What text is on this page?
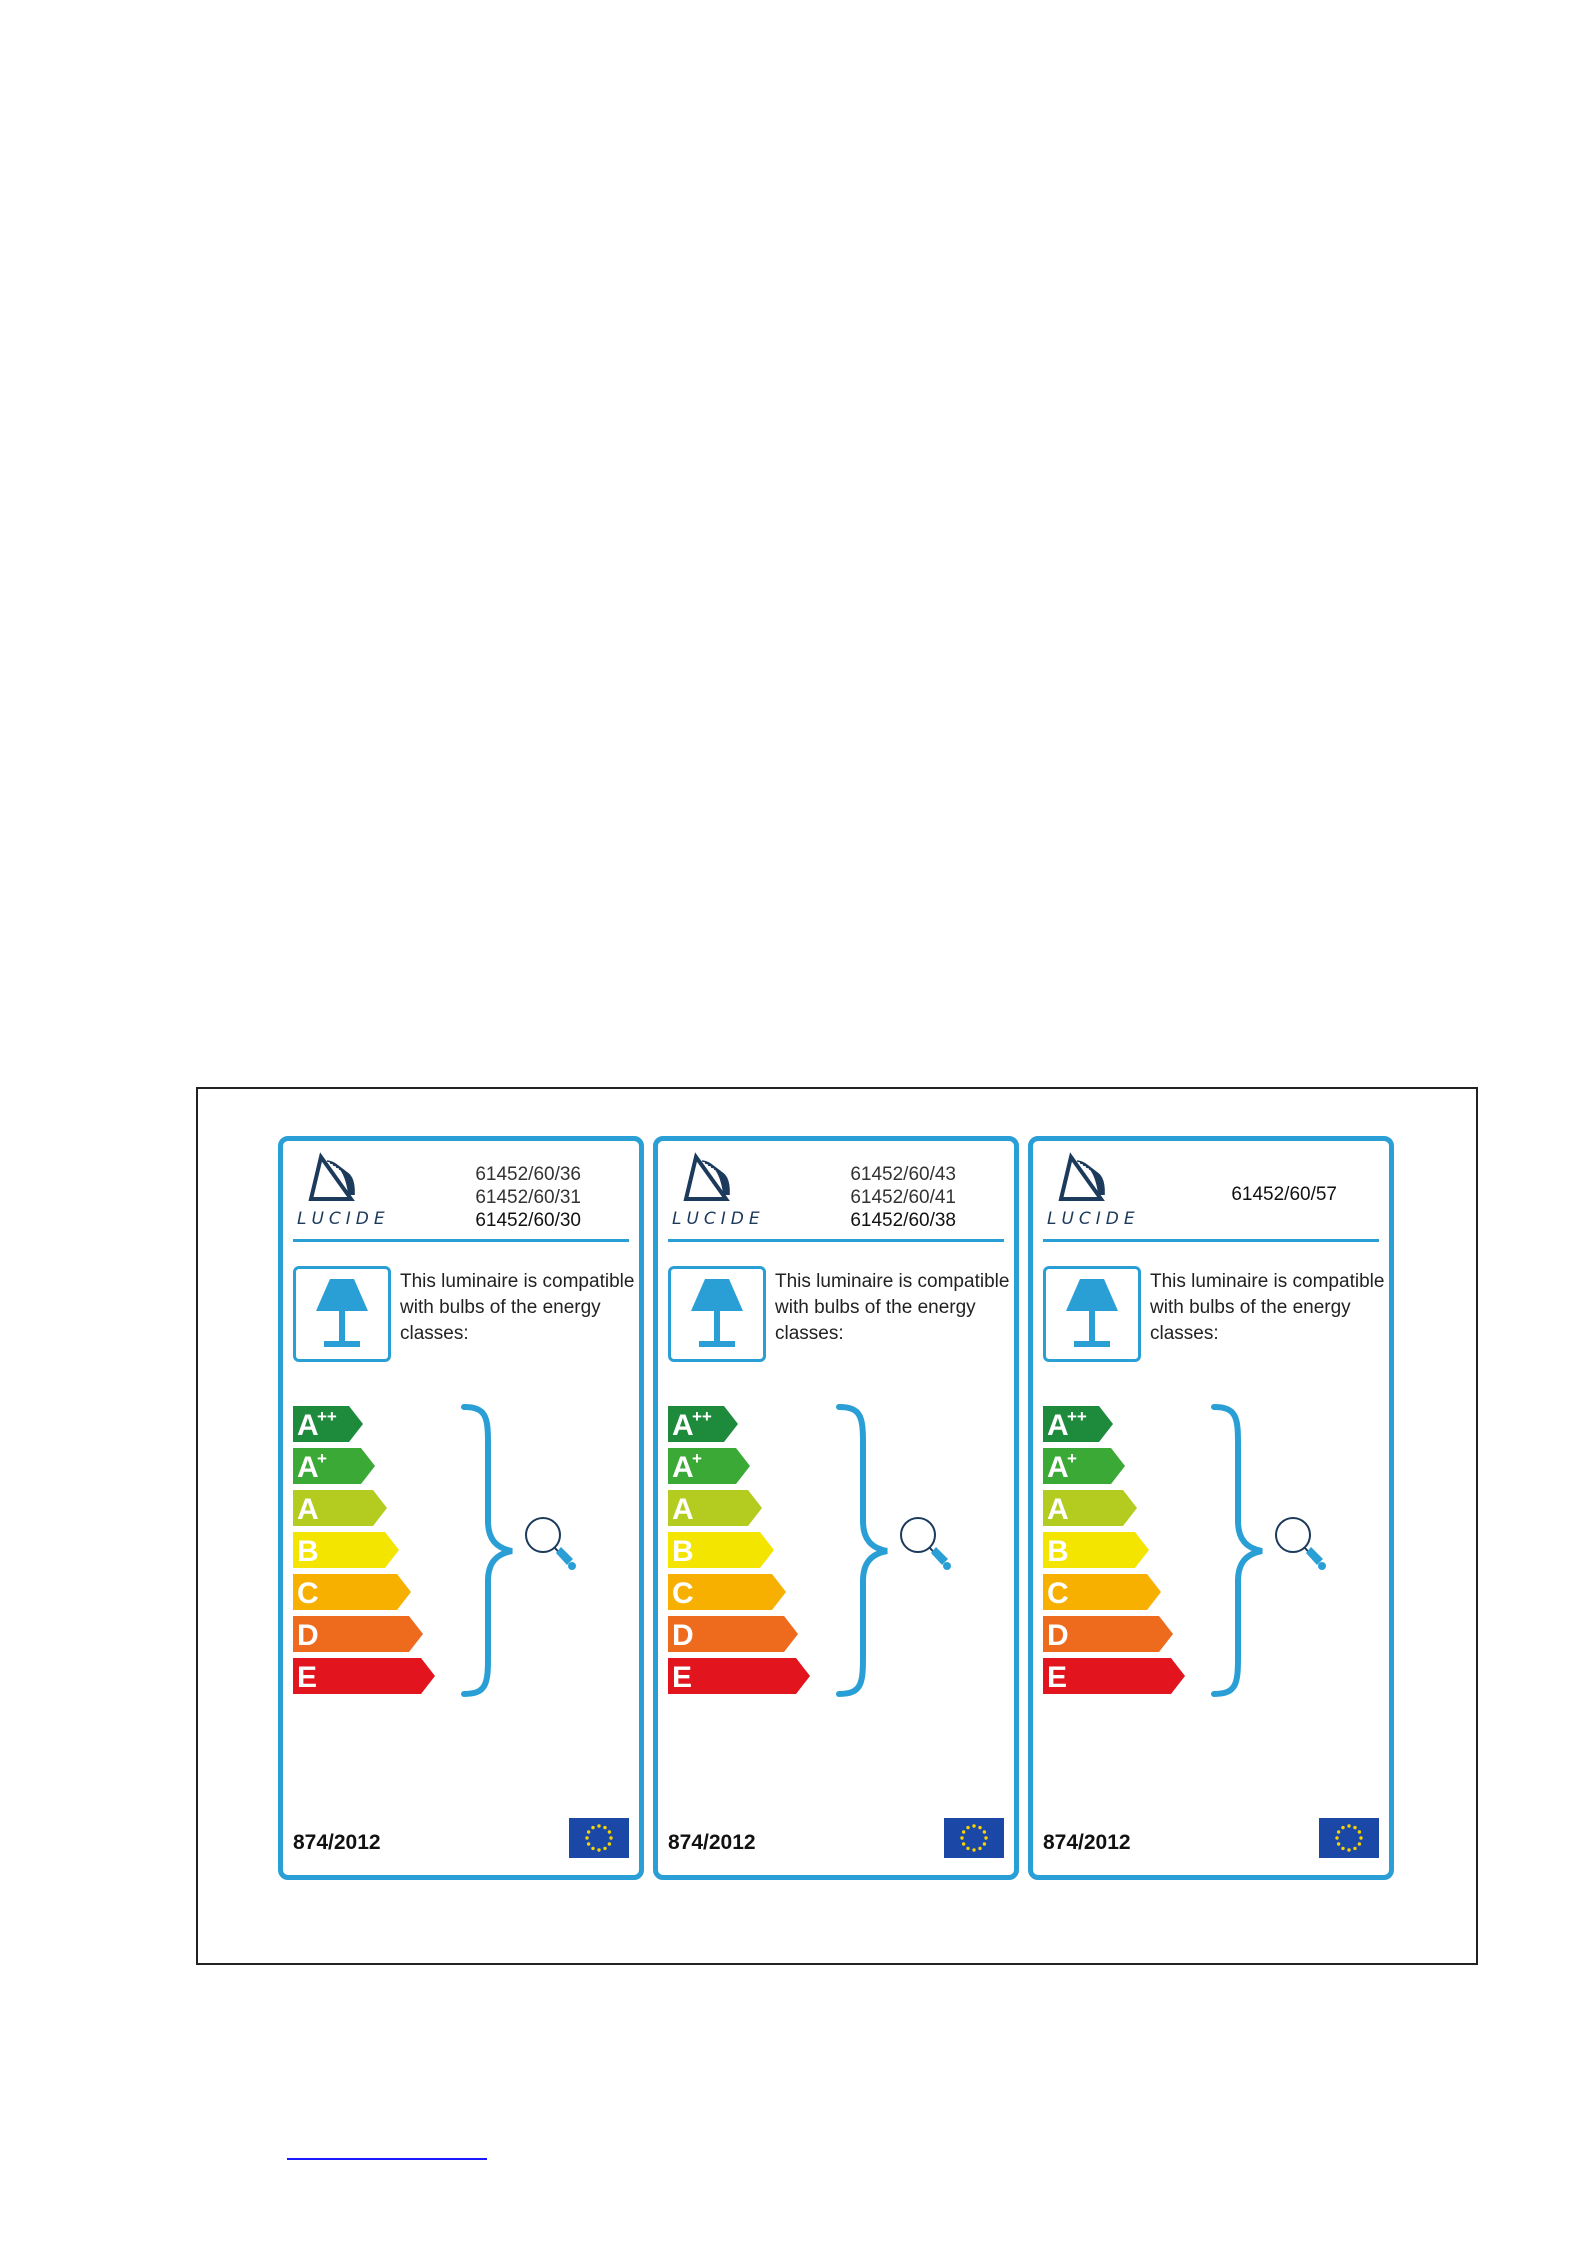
LUCIDE
61452/60/36
61452/60/31
61452/60/30
This luminaire is compatible with bulbs of the energy classes:
A
++
A
+
A
B
C
D
E
874/2012
LUCIDE
61452/60/43
61452/60/41
61452/60/38
This luminaire is compatible with bulbs of the energy classes:
A
++
A
+
A
B
C
D
E
874/2012
LUCIDE
61452/60/57
This luminaire is compatible with bulbs of the energy classes:
A
++
A
+
A
B
C
D
E
874/2012
